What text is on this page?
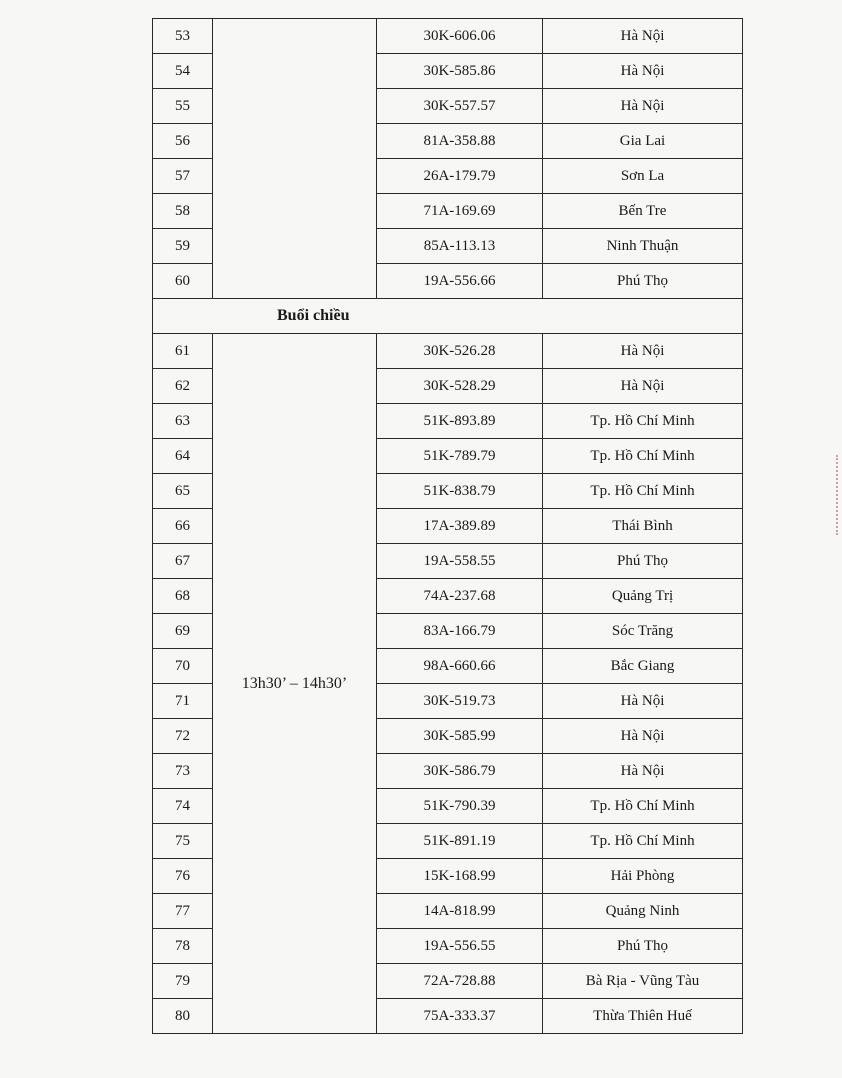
53		30K-606.06	Hà Nội
54		30K-585.86	Hà Nội
55		30K-557.57	Hà Nội
56		81A-358.88	Gia Lai
57		26A-179.79	Sơn La
58		71A-169.69	Bến Tre
59		85A-113.13	Ninh Thuận
60		19A-556.66	Phú Thọ
Buổi chiều			
61	13h30’ – 14h30’	30K-526.28	Hà Nội
62		30K-528.29	Hà Nội
63		51K-893.89	Tp. Hồ Chí Minh
64		51K-789.79	Tp. Hồ Chí Minh
65		51K-838.79	Tp. Hồ Chí Minh
66		17A-389.89	Thái Bình
67		19A-558.55	Phú Thọ
68		74A-237.68	Quảng Trị
69		83A-166.79	Sóc Trăng
70		98A-660.66	Bắc Giang
71		30K-519.73	Hà Nội
72		30K-585.99	Hà Nội
73		30K-586.79	Hà Nội
74		51K-790.39	Tp. Hồ Chí Minh
75		51K-891.19	Tp. Hồ Chí Minh
76		15K-168.99	Hải Phòng
77		14A-818.99	Quảng Ninh
78		19A-556.55	Phú Thọ
79		72A-728.88	Bà Rịa - Vũng Tàu
80		75A-333.37	Thừa Thiên Huế
